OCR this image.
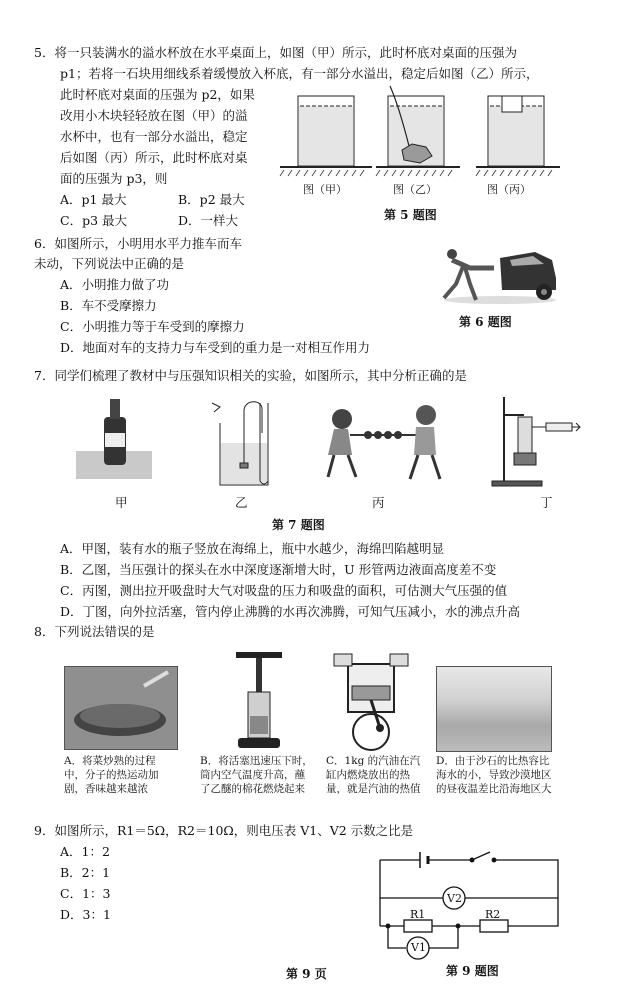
5．将一只装满水的溢水杯放在水平桌面上，如图（甲）所示，此时杯底对桌面的压强为
p1；若将一石块用细线系着缓慢放入杯底，有一部分水溢出，稳定后如图（乙）所示，
此时杯底对桌面的压强为 p2，如果
改用小木块轻轻放在图（甲）的溢
水杯中，也有一部分水溢出，稳定
后如图（丙）所示，此时杯底对桌
面的压强为 p3，则
A．p1 最大	B．p2 最大
C．p3 最大	D．一样大
图（甲）	图（乙）	图（丙）
第 5 题图
6．如图所示，小明用水平力推车而车
未动，下列说法中正确的是
A．小明推力做了功
B．车不受摩擦力
C．小明推力等于车受到的摩擦力
D．地面对车的支持力与车受到的重力是一对相互作用力
第 6 题图
7．同学们梳理了教材中与压强知识相关的实验，如图所示，其中分析正确的是
甲	乙	丙	丁
第 7 题图
A．甲图，装有水的瓶子竖放在海绵上，瓶中水越少，海绵凹陷越明显
B．乙图，当压强计的探头在水中深度逐渐增大时，U 形管两边液面高度差不变
C．丙图，测出拉开吸盘时大气对吸盘的压力和吸盘的面积，可估测大气压强的值
D．丁图，向外拉活塞，管内停止沸腾的水再次沸腾，可知气压减小，水的沸点升高
8．下列说法错误的是
A．将菜炒熟的过程中，分子的热运动加剧，香味越来越浓
B．将活塞迅速压下时，筒内空气温度升高，蘸了乙醚的棉花燃烧起来
C．1kg 的汽油在汽缸内燃烧放出的热量，就是汽油的热值
D．由于沙石的比热容比海水的小，导致沙漠地区的昼夜温差比沿海地区大
9．如图所示，R1＝5Ω，R2＝10Ω，则电压表 V1、V2 示数之比是
A．1：2
B．2：1
C．1：3
D．3：1
V2
R1	R2
V1
第 9 题图
第 9 页
